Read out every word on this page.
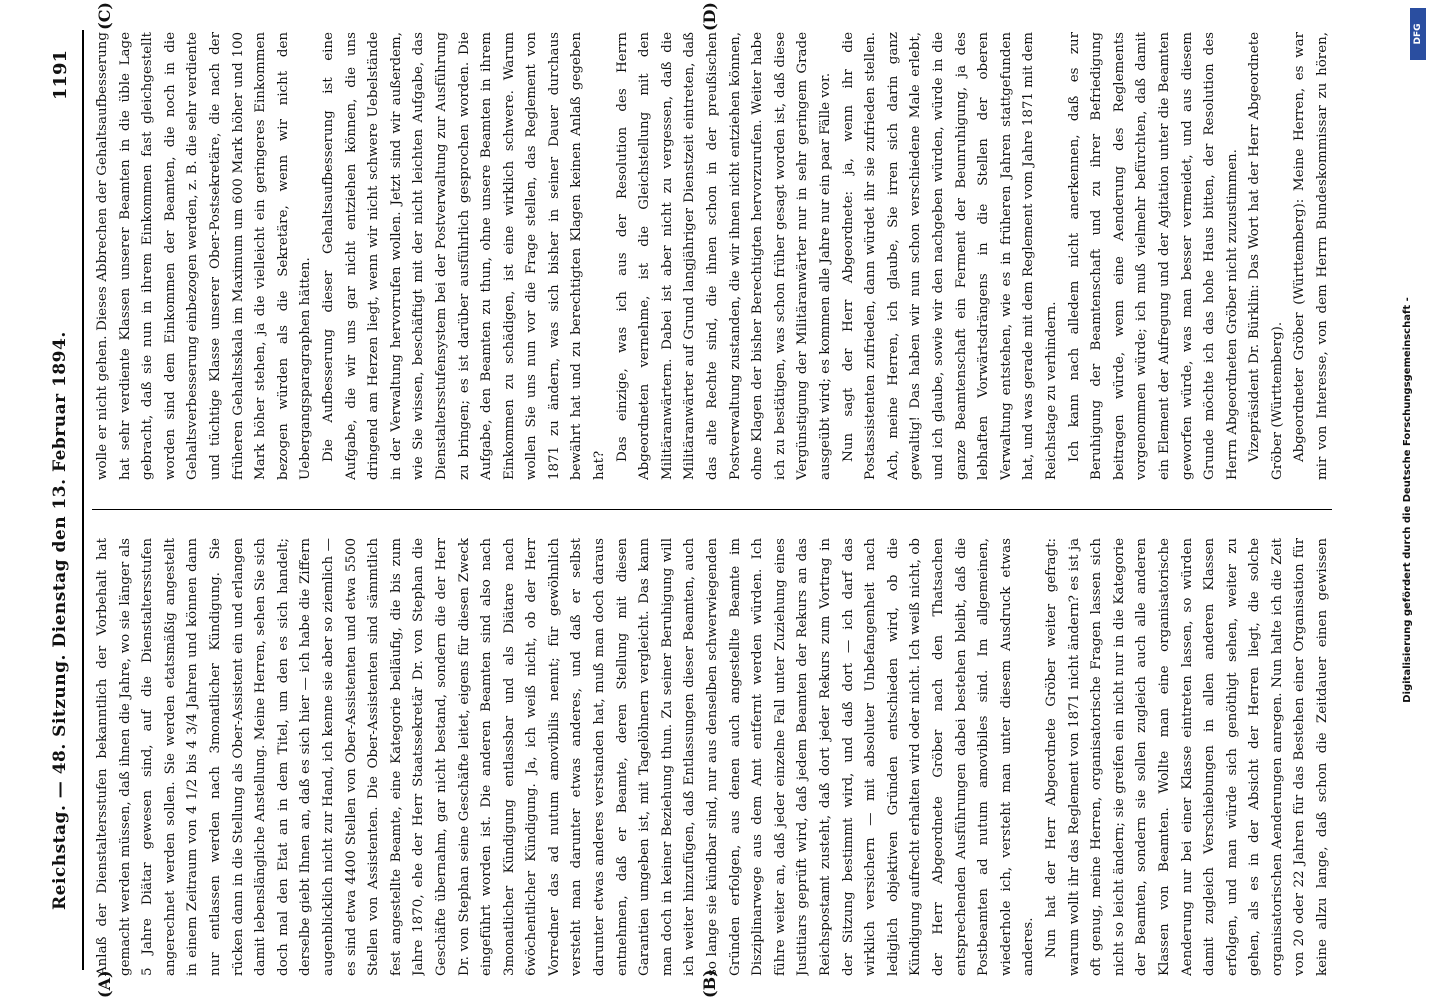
Reichstag. — 48. Sitzung. Dienstag den 13. Februar 1894.
1191
(A)	(B)
(C)	(D)

Anlaß der Dienstaltersstufen bekanntlich der Vorbehalt hat gemacht werden müssen, daß ihnen die Jahre, wo sie länger als 5 Jahre Diätar gewesen sind, auf die Dienstaltersstufen angerechnet werden sollen. Sie werden etatsmäßig angestellt in einem Zeitraum von 4 1/2 bis 4 3/4 Jahren und können dann nur entlassen werden nach 3monatlicher Kündigung. Sie rücken dann in die Stellung als Ober-Assistent ein und erlangen damit lebenslängliche Anstellung. Meine Herren, sehen Sie sich doch mal den Etat an in dem Titel, um den es sich handelt; derselbe giebt Ihnen an, daß es sich hier — ich habe die Ziffern augenblicklich nicht zur Hand, ich kenne sie aber so ziemlich — es sind etwa 4400 Stellen von Ober-Assistenten und etwa 5500 Stellen von Assistenten. Die Ober-Assistenten sind sämmtlich fest angestellte Beamte, eine Kategorie beiläufig, die bis zum Jahre 1870, ehe der Herr Staatssekretär Dr. von Stephan die Geschäfte übernahm, gar nicht bestand, sondern die der Herr Dr. von Stephan seine Geschäfte leitet, eigens für diesen Zweck eingeführt worden ist. Die anderen Beamten sind also nach 3monatlicher Kündigung entlassbar und als Diätare nach 6wöchentlicher Kündigung. Ja, ich weiß nicht, ob der Herr Vorredner das ad nutum amovibilis nennt; für gewöhnlich versteht man darunter etwas anderes, und daß er selbst darunter etwas anderes verstanden hat, muß man doch daraus entnehmen, daß er Beamte, deren Stellung mit diesen Garantien umgeben ist, mit Tagelöhnern vergleicht. Das kann man doch in keiner Beziehung thun. Zu seiner Beruhigung will ich weiter hinzufügen, daß Entlassungen dieser Beamten, auch so lange sie kündbar sind, nur aus denselben schwerwiegenden Gründen erfolgen, aus denen auch angestellte Beamte im Disziplinarwege aus dem Amt entfernt werden würden. Ich führe weiter an, daß jeder einzelne Fall unter Zuziehung eines Justitiars geprüft wird, daß jedem Beamten der Rekurs an das Reichspostamt zusteht, daß dort jeder Rekurs zum Vortrag in der Sitzung bestimmt wird, und daß dort — ich darf das wirklich versichern — mit absoluter Unbefangenheit nach lediglich objektiven Gründen entschieden wird, ob die Kündigung aufrecht erhalten wird oder nicht. Ich weiß nicht, ob der Herr Abgeordnete Gröber nach den Thatsachen entsprechenden Ausführungen dabei bestehen bleibt, daß die Postbeamten ad nutum amovibiles sind. Im allgemeinen, wiederhole ich, versteht man unter diesem Ausdruck etwas anderes. Nun hat der Herr Abgeordnete Gröber weiter gefragt: warum wollt ihr das Reglement von 1871 nicht ändern? es ist ja oft genug, meine Herren, organisatorische Fragen lassen sich nicht so leicht ändern; sie greifen ein nicht nur in die Kategorie der Beamten, sondern sie sollen zugleich auch alle anderen Klassen von Beamten. Wollte man eine organisatorische Aenderung nur bei einer Klasse eintreten lassen, so würden damit zugleich Verschiebungen in allen anderen Klassen erfolgen, und man würde sich genöthigt sehen, weiter zu gehen, als es in der Absicht der Herren liegt, die solche organisatorischen Aenderungen anregen. Nun halte ich die Zeit von 20 oder 22 Jahren für das Bestehen einer Organisation für keine allzu lange, daß schon die Zeitdauer einen gewissen

wolle er nicht gehen. Dieses Abbrechen der Gehaltsaufbesserung hat sehr verdiente Klassen unserer Beamten in die üble Lage gebracht, daß sie nun in ihrem Einkommen fast gleichgestellt worden sind dem Einkommen der Beamten, die noch in die Gehaltsverbesserung einbezogen werden, z. B. die sehr verdiente und tüchtige Klasse unserer Ober-Postsekretäre, die nach der früheren Gehaltsskala im Maximum um 600 Mark höher und 100 Mark höher stehen, ja die vielleicht ein geringeres Einkommen bezogen würden als die Sekretäre, wenn wir nicht den Uebergangsparagraphen hätten. Die Aufbesserung dieser Gehaltsaufbesserung ist eine Aufgabe, die wir uns gar nicht entziehen können, die uns dringend am Herzen liegt, wenn wir nicht schwere Uebelstände in der Verwaltung hervorrufen wollen. Jetzt sind wir außerdem, wie Sie wissen, beschäftigt mit der nicht leichten Aufgabe, das Dienstaltersstufensystem bei der Postverwaltung zur Ausführung zu bringen; es ist darüber ausführlich gesprochen worden. Die Aufgabe, den Beamten zu thun, ohne unsere Beamten in ihrem Einkommen zu schädigen, ist eine wirklich schwere. Warum wollen Sie uns nun vor die Frage stellen, das Reglement von 1871 zu ändern, was sich bisher in seiner Dauer durchaus bewährt hat und zu berechtigten Klagen keinen Anlaß gegeben hat?

Das einzige, was ich aus der Resolution des Herrn Abgeordneten vernehme, ist die Gleichstellung mit den Militäranwärtern. Dabei ist aber nicht zu vergessen, daß die Militäranwärter auf Grund langjähriger Dienstzeit eintreten, daß das alte Rechte sind, die ihnen schon in der preußischen Postverwaltung zustanden, die wir ihnen nicht entziehen können, ohne Klagen der bisher Berechtigten hervorzurufen. Weiter habe ich zu bestätigen, was schon früher gesagt worden ist, daß diese Vergünstigung der Militäranwärter nur in sehr geringem Grade ausgeübt wird; es kommen alle Jahre nur ein paar Fälle vor. Nun sagt der Herr Abgeordnete: ja, wenn ihr die Postassistenten zufrieden, dann würdet ihr sie zufrieden stellen. Ach, meine Herren, ich glaube, Sie irren sich darin ganz gewaltig! Das haben wir nun schon verschiedene Male erlebt, und ich glaube, sowie wir den nachgeben würden, würde in die ganze Beamtenschaft ein Ferment der Beunruhigung, ja des lebhaften Vorwärtsdrängens in die Stellen der oberen Verwaltung entstehen, wie es in früheren Jahren stattgefunden hat, und was gerade mit dem Reglement vom Jahre 1871 mit dem Reichstage zu verhindern. Ich kann nach alledem nicht anerkennen, daß es zur Beruhigung der Beamtenschaft und zu ihrer Befriedigung beitragen würde, wenn eine Aenderung des Reglements vorgenommen würde; ich muß vielmehr befürchten, daß damit ein Element der Aufregung und der Agitation unter die Beamten geworfen würde, was man besser vermeidet, und aus diesem Grunde möchte ich das hohe Haus bitten, der Resolution des Herrn Abgeordneten Gröber nicht zuzustimmen. Vizepräsident Dr. Bürklin: Das Wort hat der Herr Abgeordnete Gröber (Württemberg). Abgeordneter Gröber (Württemberg): Meine Herren, es war mir von Interesse, von dem Herrn Bundeskommissar zu hören,

Digitalisierung gefördert durch die Deutsche Forschungsgemeinschaft -
DFG
